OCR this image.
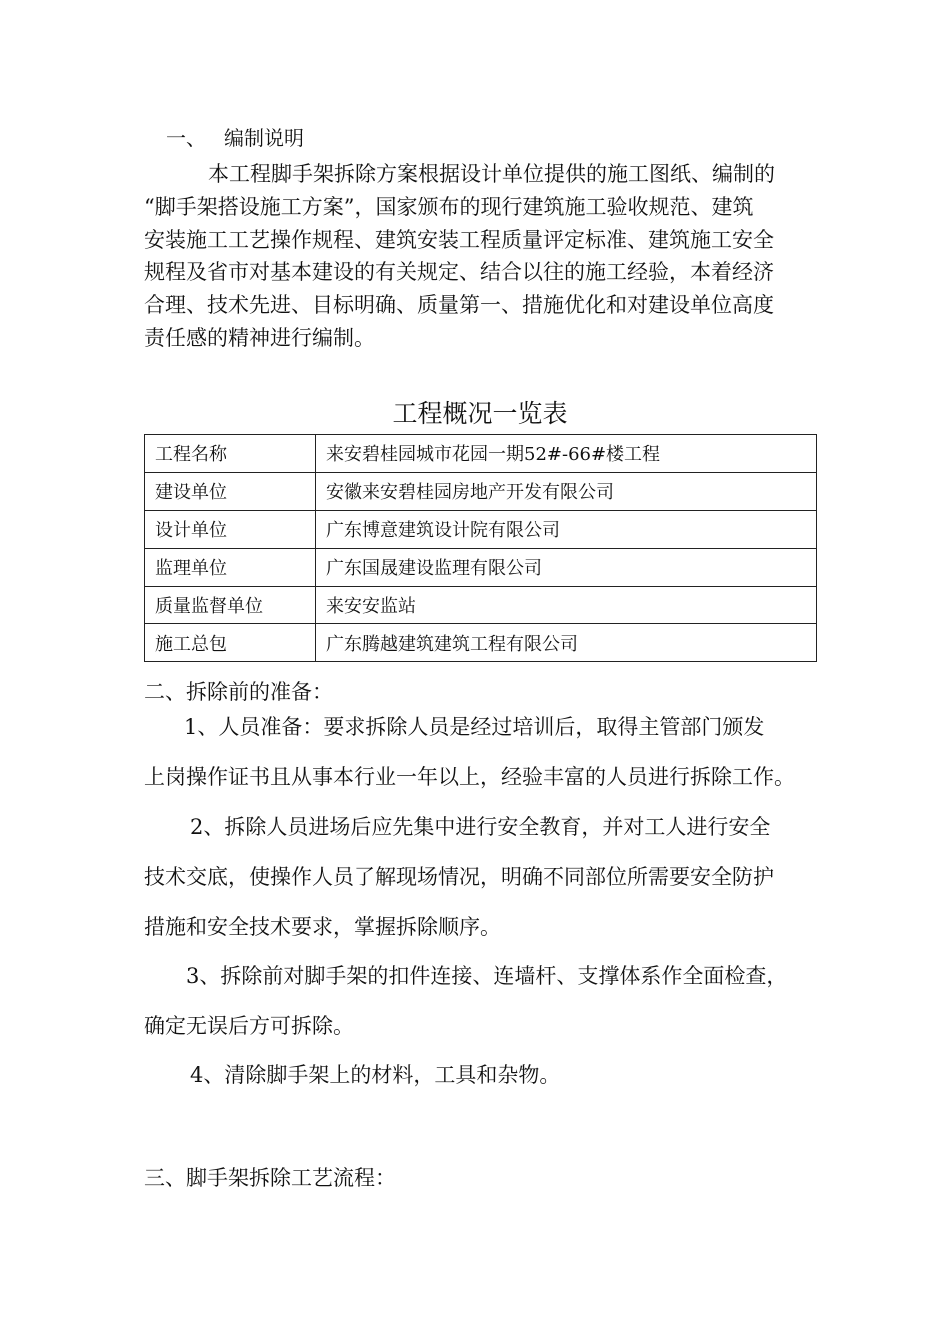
一、 编制说明
本工程脚手架拆除方案根据设计单位提供的施工图纸、编制的
“脚手架搭设施工方案”，国家颁布的现行建筑施工验收规范、建筑
安装施工工艺操作规程、建筑安装工程质量评定标准、建筑施工安全
规程及省市对基本建设的有关规定、结合以往的施工经验，本着经济
合理、技术先进、目标明确、质量第一、措施优化和对建设单位高度
责任感的精神进行编制。
工程概况一览表
工程名称	来安碧桂园城市花园一期52#-66#楼工程
建设单位	安徽来安碧桂园房地产开发有限公司
设计单位	广东博意建筑设计院有限公司
监理单位	广东国晟建设监理有限公司
质量监督单位	来安安监站
施工总包	广东腾越建筑建筑工程有限公司
二、拆除前的准备：
1、人员准备：要求拆除人员是经过培训后，取得主管部门颁发
上岗操作证书且从事本行业一年以上，经验丰富的人员进行拆除工作。
2、拆除人员进场后应先集中进行安全教育，并对工人进行安全
技术交底，使操作人员了解现场情况，明确不同部位所需要安全防护
措施和安全技术要求，掌握拆除顺序。
3、拆除前对脚手架的扣件连接、连墙杆、支撑体系作全面检查，
确定无误后方可拆除。
4、清除脚手架上的材料，工具和杂物。
三、脚手架拆除工艺流程：
